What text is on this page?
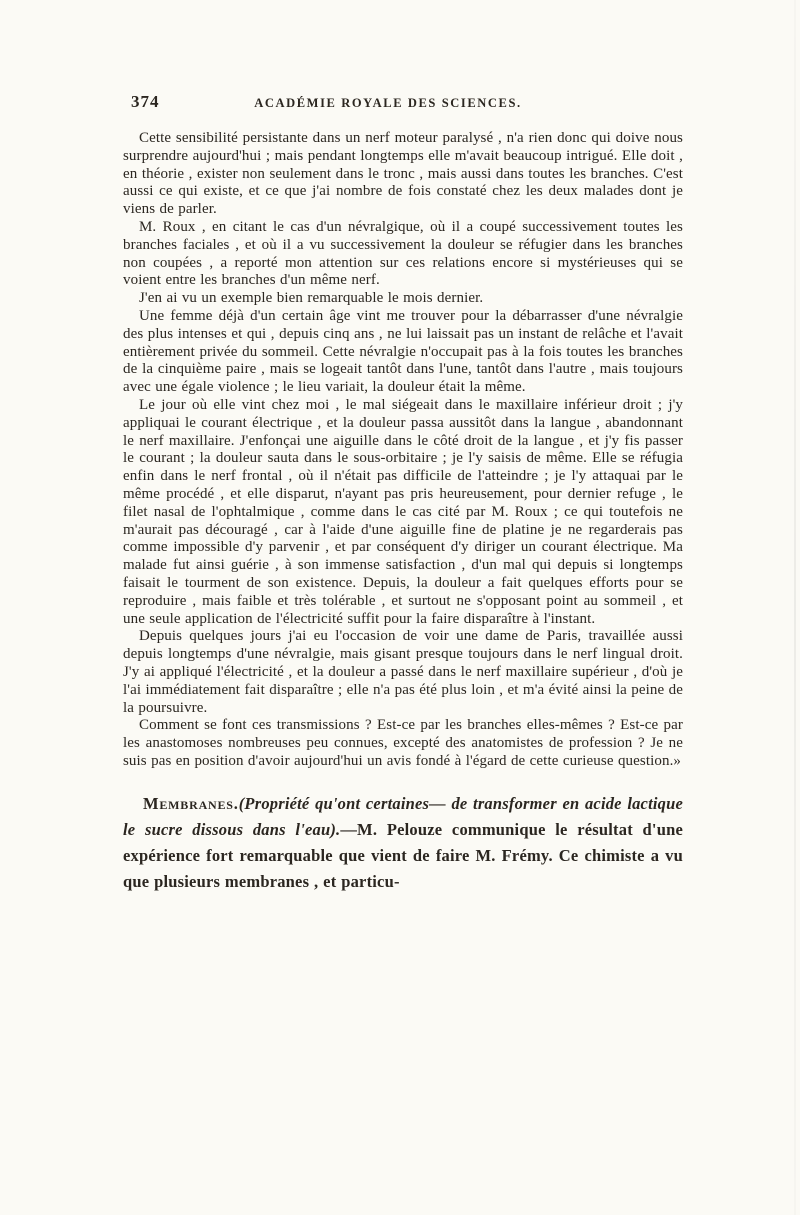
374	ACADÉMIE ROYALE DES SCIENCES.

Cette sensibilité persistante dans un nerf moteur paralysé , n'a rien donc qui doive nous surprendre aujourd'hui ; mais pendant longtemps elle m'avait beaucoup intrigué. Elle doit , en théorie , exister non seulement dans le tronc , mais aussi dans toutes les branches. C'est aussi ce qui existe, et ce que j'ai nombre de fois constaté chez les deux malades dont je viens de parler.

M. Roux , en citant le cas d'un névralgique, où il a coupé successivement toutes les branches faciales , et où il a vu successivement la douleur se réfugier dans les branches non coupées , a reporté mon attention sur ces relations encore si mystérieuses qui se voient entre les branches d'un même nerf.

J'en ai vu un exemple bien remarquable le mois dernier.

Une femme déjà d'un certain âge vint me trouver pour la débarrasser d'une névralgie des plus intenses et qui , depuis cinq ans , ne lui laissait pas un instant de relâche et l'avait entièrement privée du sommeil. Cette névralgie n'occupait pas à la fois toutes les branches de la cinquième paire , mais se logeait tantôt dans l'une, tantôt dans l'autre , mais toujours avec une égale violence ; le lieu variait, la douleur était la même.

Le jour où elle vint chez moi , le mal siégeait dans le maxillaire inférieur droit ; j'y appliquai le courant électrique , et la douleur passa aussitôt dans la langue , abandonnant le nerf maxillaire. J'enfonçai une aiguille dans le côté droit de la langue , et j'y fis passer le courant ; la douleur sauta dans le sous-orbitaire ; je l'y saisis de même. Elle se réfugia enfin dans le nerf frontal , où il n'était pas difficile de l'atteindre ; je l'y attaquai par le même procédé , et elle disparut, n'ayant pas pris heureusement, pour dernier refuge , le filet nasal de l'ophtalmique , comme dans le cas cité par M. Roux ; ce qui toutefois ne m'aurait pas découragé , car à l'aide d'une aiguille fine de platine je ne regarderais pas comme impossible d'y parvenir , et par conséquent d'y diriger un courant électrique. Ma malade fut ainsi guérie , à son immense satisfaction , d'un mal qui depuis si longtemps faisait le tourment de son existence. Depuis, la douleur a fait quelques efforts pour se reproduire , mais faible et très tolérable , et surtout ne s'opposant point au sommeil , et une seule application de l'électricité suffit pour la faire disparaître à l'instant.

Depuis quelques jours j'ai eu l'occasion de voir une dame de Paris, travaillée aussi depuis longtemps d'une névralgie, mais gisant presque toujours dans le nerf lingual droit. J'y ai appliqué l'électricité , et la douleur a passé dans le nerf maxillaire supérieur , d'où je l'ai immédiatement fait disparaître ; elle n'a pas été plus loin , et m'a évité ainsi la peine de la poursuivre.

Comment se font ces transmissions ? Est-ce par les branches elles-mêmes ? Est-ce par les anastomoses nombreuses peu connues, excepté des anatomistes de profession ? Je ne suis pas en position d'avoir aujourd'hui un avis fondé à l'égard de cette curieuse question.»

Membranes.(Propriété qu'ont certaines— de transformer en acide lactique le sucre dissous dans l'eau).—M. Pelouze communique le résultat d'une expérience fort remarquable que vient de faire M. Frémy. Ce chimiste a vu que plusieurs membranes , et particu-
